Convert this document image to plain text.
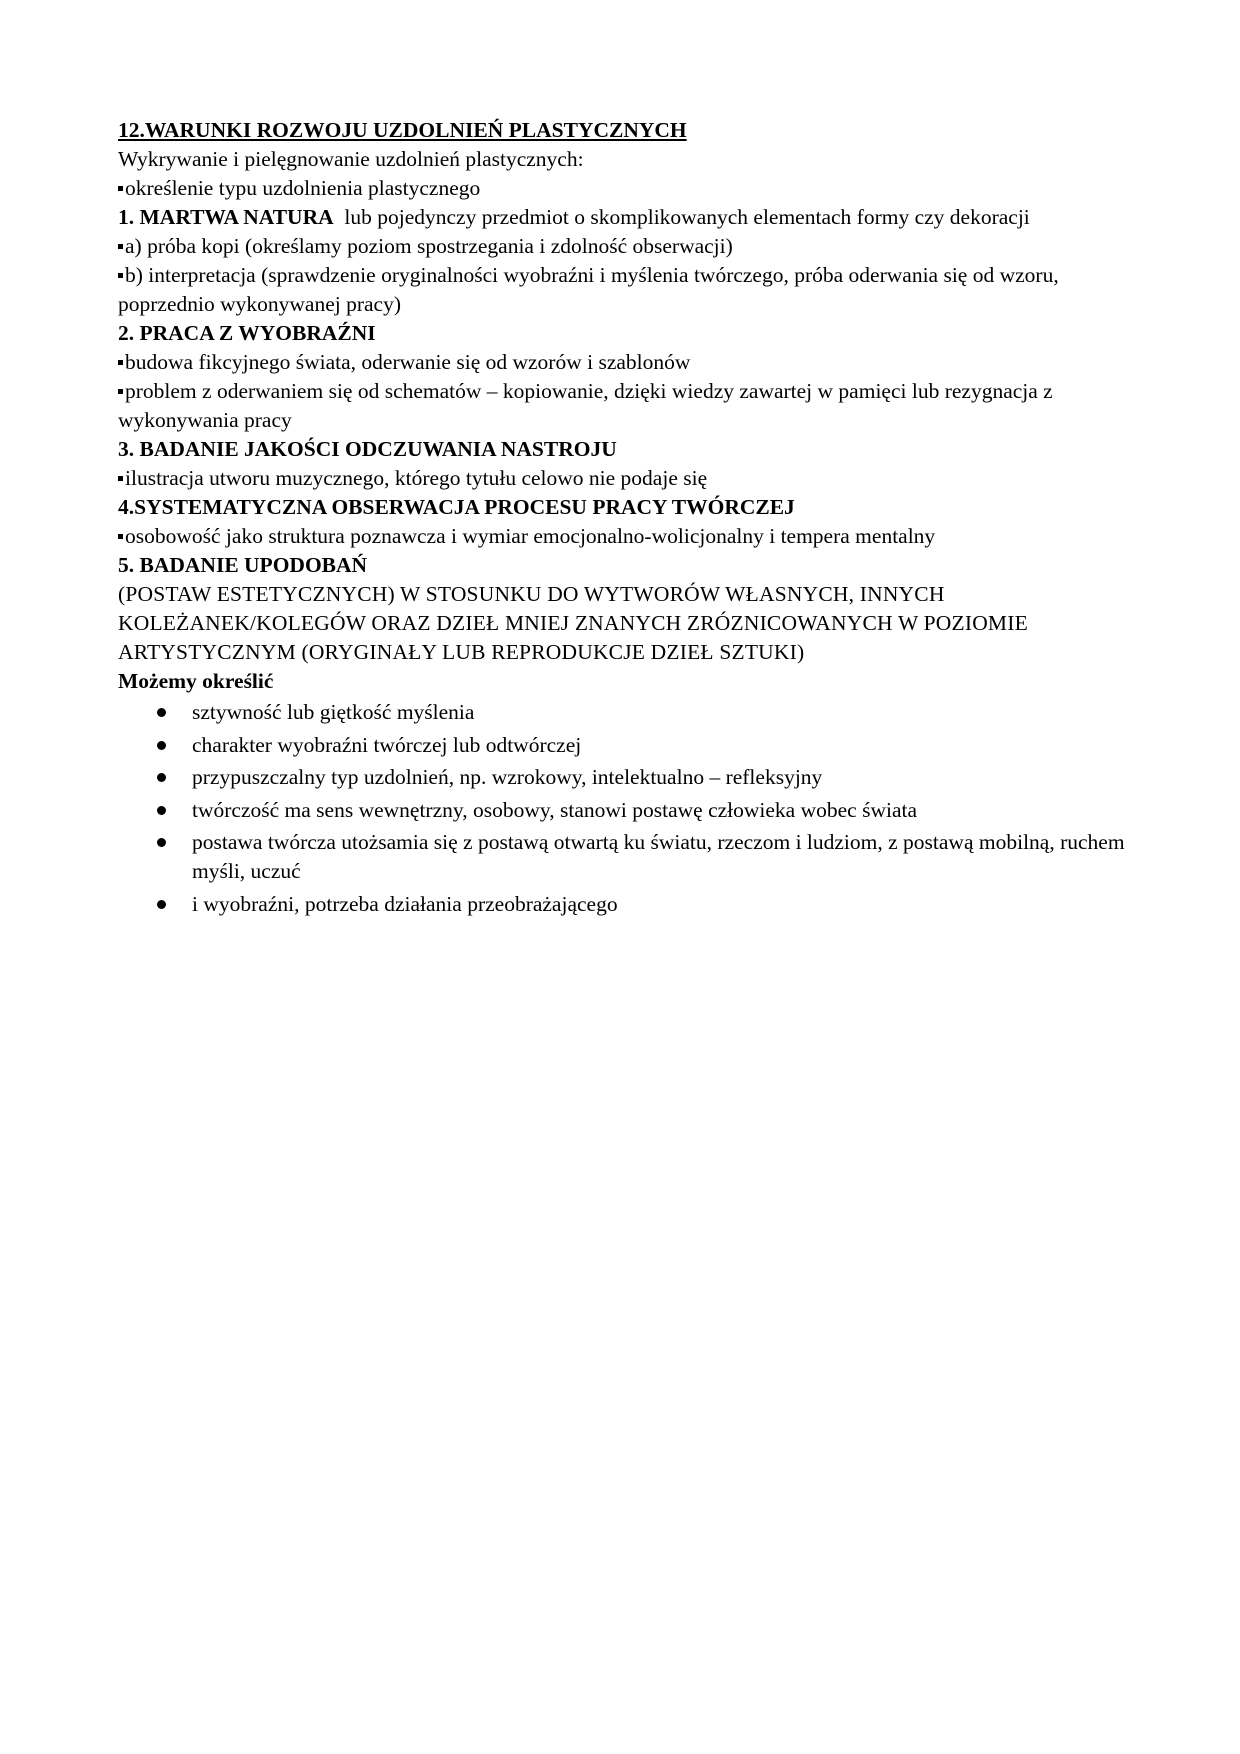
12.WARUNKI ROZWOJU UZDOLNIEŃ PLASTYCZNYCH

Wykrywanie i pielęgnowanie uzdolnień plastycznych:

określenie typu uzdolnienia plastycznego

1. MARTWA NATURA  lub pojedynczy przedmiot o skomplikowanych elementach formy czy dekoracji

a) próba kopi (określamy poziom spostrzegania i zdolność obserwacji)

b) interpretacja (sprawdzenie oryginalności wyobraźni i myślenia twórczego, próba oderwania się od wzoru, poprzednio wykonywanej pracy)

2. PRACA Z WYOBRAŹNI

budowa fikcyjnego świata, oderwanie się od wzorów i szablonów

problem z oderwaniem się od schematów – kopiowanie, dzięki wiedzy zawartej w pamięci lub rezygnacja z wykonywania pracy

3. BADANIE JAKOŚCI ODCZUWANIA NASTROJU

ilustracja utworu muzycznego, którego tytułu celowo nie podaje się

4.SYSTEMATYCZNA OBSERWACJA PROCESU PRACY TWÓRCZEJ

osobowość jako struktura poznawcza i wymiar emocjonalno-wolicjonalny i tempera mentalny

5. BADANIE UPODOBAŃ

(POSTAW ESTETYCZNYCH) W STOSUNKU DO WYTWORÓW WŁASNYCH, INNYCH KOLEŻANEK/KOLEGÓW ORAZ DZIEŁ MNIEJ ZNANYCH ZRÓZNICOWANYCH W POZIOMIE ARTYSTYCZNYM (ORYGINAŁY LUB REPRODUKCJE DZIEŁ SZTUKI)

Możemy określić

sztywność lub giętkość myślenia
charakter wyobraźni twórczej lub odtwórczej
przypuszczalny typ uzdolnień, np. wzrokowy, intelektualno – refleksyjny
twórczość ma sens wewnętrzny, osobowy, stanowi postawę człowieka wobec świata
postawa twórcza utożsamia się z postawą otwartą ku światu, rzeczom i ludziom, z postawą mobilną, ruchem myśli, uczuć
i wyobraźni, potrzeba działania przeobrażającego
